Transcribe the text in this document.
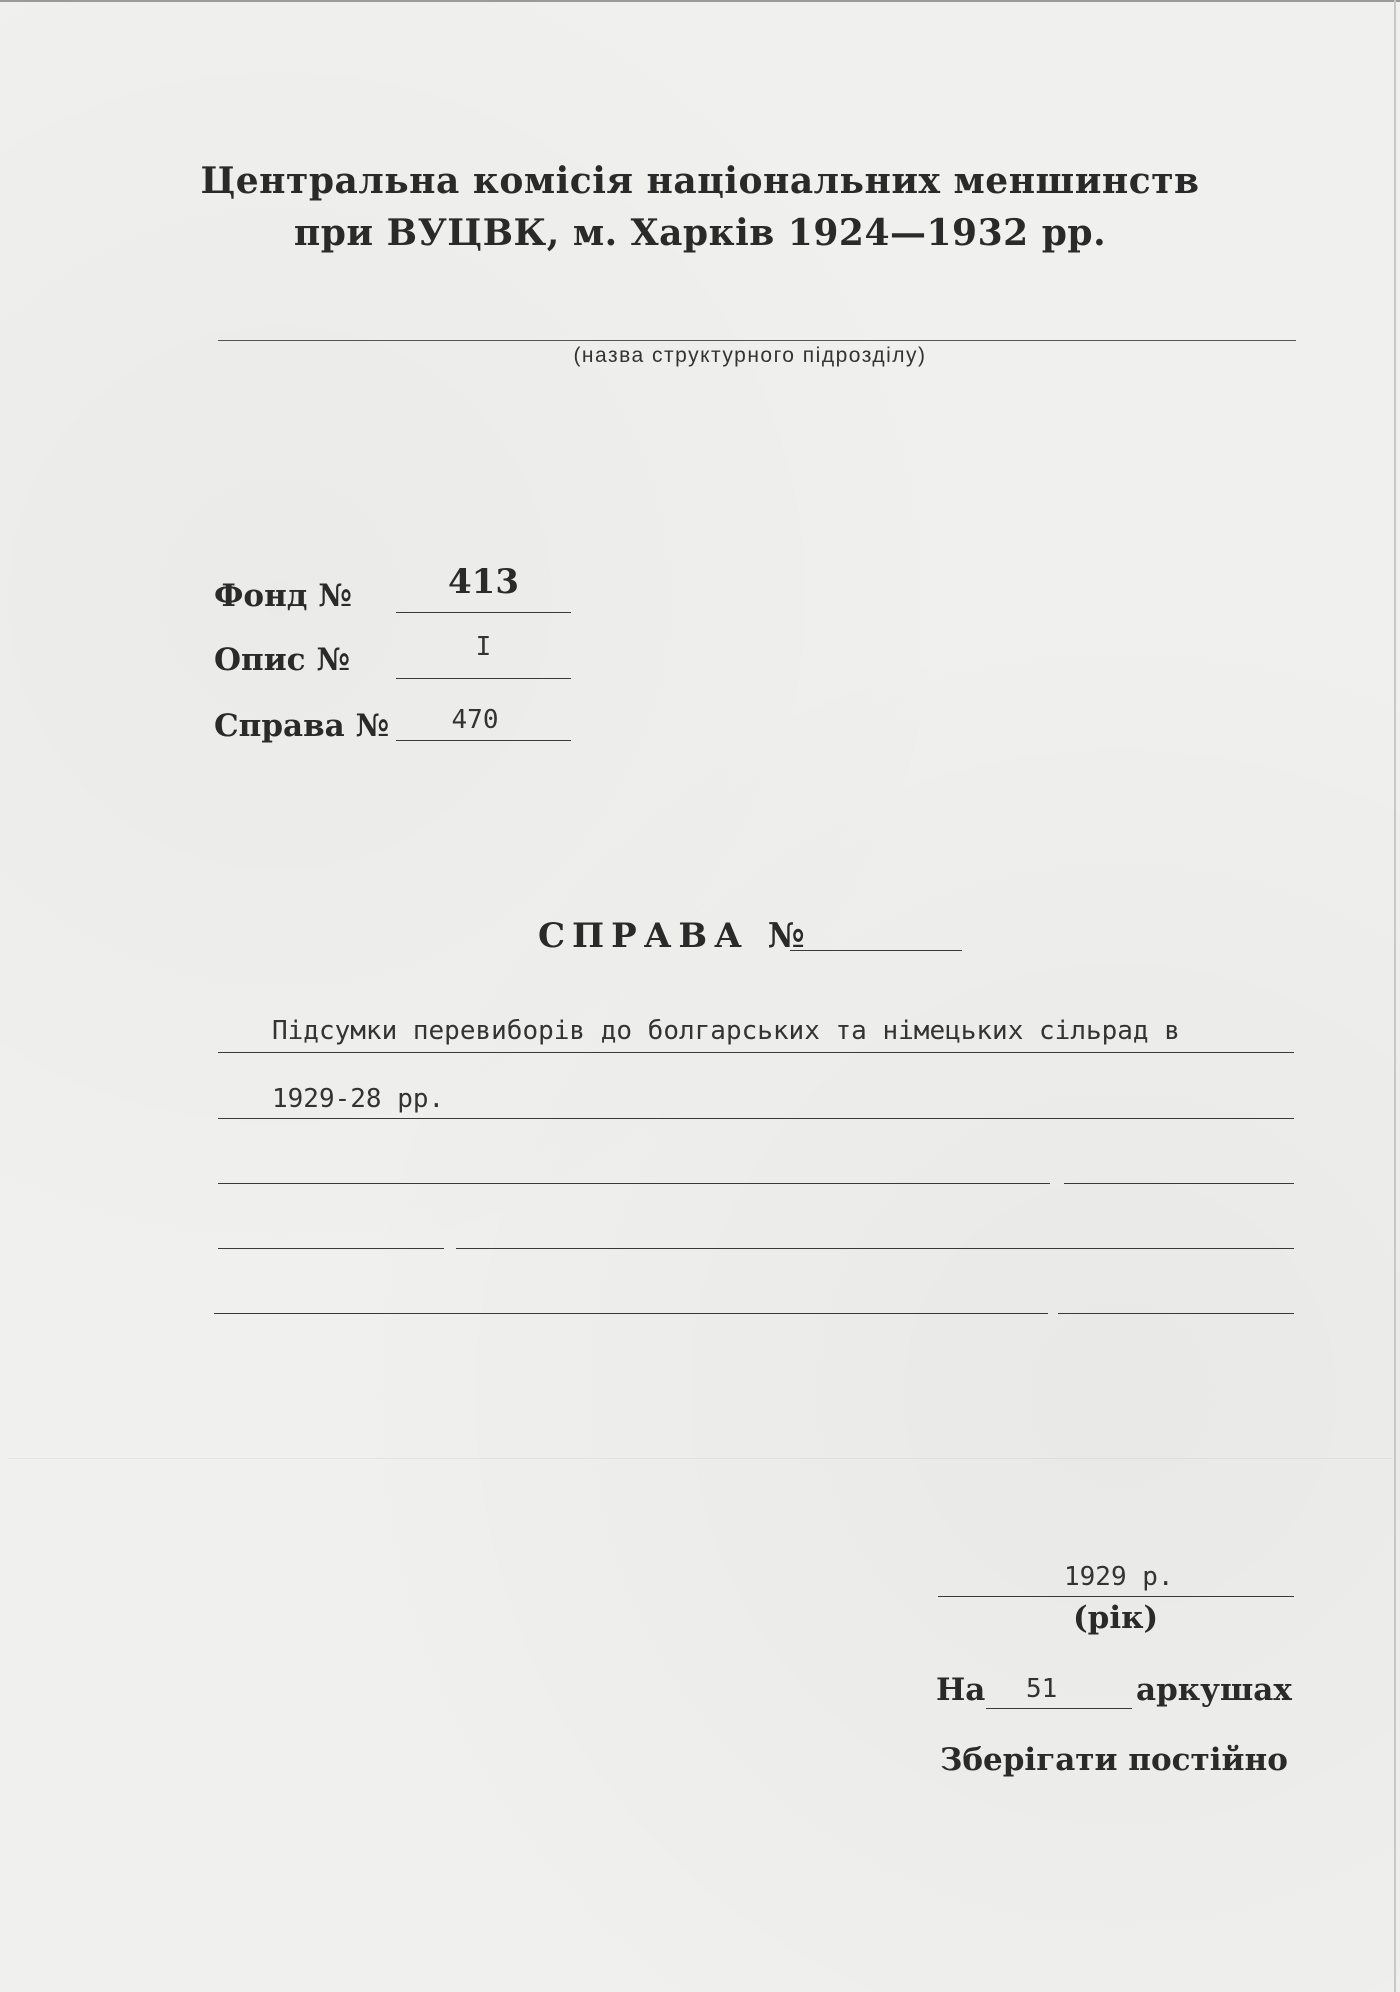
Центральна комісія національних меншинств
при ВУЦВК, м. Харків 1924—1932 рр.
(назва структурного підрозділу)
Фонд №	413
Опис №	I
Справа №	470
СПРАВА №
Підсумки перевиборів до болгарських та німецьких сільрад в
1929-28 рр.
1929 р.
(рік)
На 51	аркушах
Зберігати постійно
